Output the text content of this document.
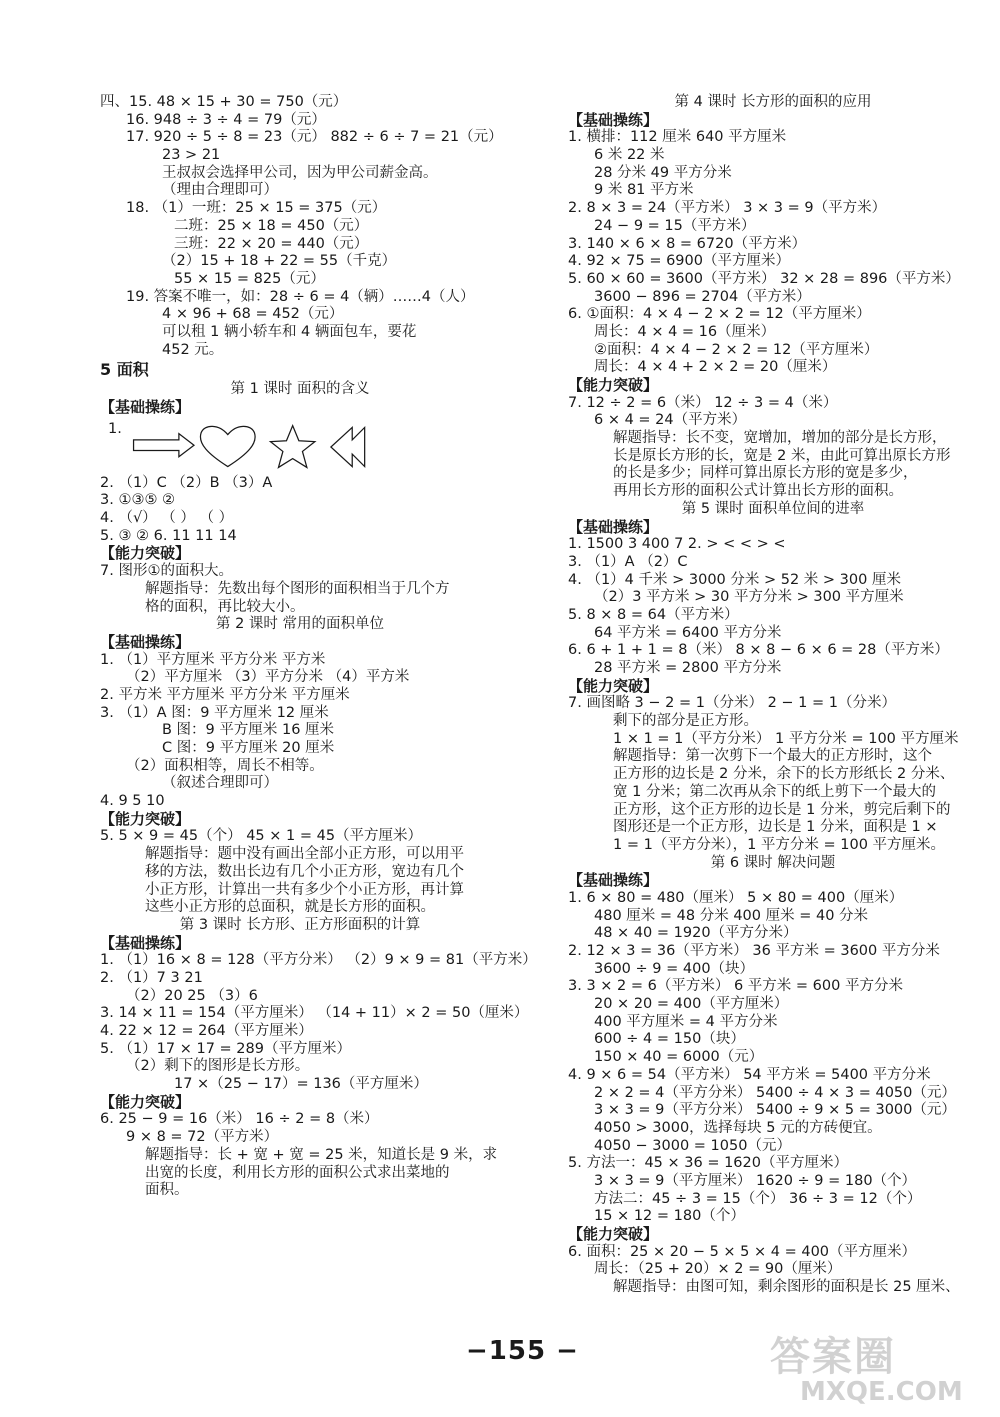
四、15. 48 × 15 + 30 = 750（元）
16. 948 ÷ 3 ÷ 4 = 79（元）
17. 920 ÷ 5 ÷ 8 = 23（元） 882 ÷ 6 ÷ 7 = 21（元）
23 > 21
王叔叔会选择甲公司，因为甲公司薪金高。
（理由合理即可）
18. （1）一班：25 × 15 = 375（元）
二班：25 × 18 = 450（元）
三班：22 × 20 = 440（元）
（2）15 + 18 + 22 = 55（千克）
55 × 15 = 825（元）
19. 答案不唯一，如：28 ÷ 6 = 4（辆）……4（人）
4 × 96 + 68 = 452（元）
可以租 1 辆小轿车和 4 辆面包车，要花
452 元。
5 面积
第 1 课时 面积的含义
【基础操练】
1.
2. （1）C （2）B （3）A
3. ①③⑤ ②
4. （√） （ ） （ ）
5. ③ ② 6. 11 11 14
【能力突破】
7. 图形①的面积大。
解题指导：先数出每个图形的面积相当于几个方
格的面积，再比较大小。
第 2 课时 常用的面积单位
【基础操练】
1. （1）平方厘米 平方分米 平方米
（2）平方厘米 （3）平方分米 （4）平方米
2. 平方米 平方厘米 平方分米 平方厘米
3. （1）A 图：9 平方厘米 12 厘米
B 图：9 平方厘米 16 厘米
C 图：9 平方厘米 20 厘米
（2）面积相等，周长不相等。
（叙述合理即可）
4. 9 5 10
【能力突破】
5. 5 × 9 = 45（个） 45 × 1 = 45（平方厘米）
解题指导：题中没有画出全部小正方形，可以用平
移的方法，数出长边有几个小正方形，宽边有几个
小正方形，计算出一共有多少个小正方形，再计算
这些小正方形的总面积，就是长方形的面积。
第 3 课时 长方形、正方形面积的计算
【基础操练】
1. （1）16 × 8 = 128（平方分米） （2）9 × 9 = 81（平方米）
2. （1）7 3 21
（2）20 25 （3）6
3. 14 × 11 = 154（平方厘米） （14 + 11）× 2 = 50（厘米）
4. 22 × 12 = 264（平方厘米）
5. （1）17 × 17 = 289（平方厘米）
（2）剩下的图形是长方形。
17 ×（25 − 17）= 136（平方厘米）
【能力突破】
6. 25 − 9 = 16（米） 16 ÷ 2 = 8（米）
9 × 8 = 72（平方米）
解题指导：长 + 宽 + 宽 = 25 米，知道长是 9 米，求
出宽的长度，利用长方形的面积公式求出菜地的
面积。
第 4 课时 长方形的面积的应用
【基础操练】
1. 横排：112 厘米 640 平方厘米
6 米 22 米
28 分米 49 平方分米
9 米 81 平方米
2. 8 × 3 = 24（平方米） 3 × 3 = 9（平方米）
24 − 9 = 15（平方米）
3. 140 × 6 × 8 = 6720（平方米）
4. 92 × 75 = 6900（平方厘米）
5. 60 × 60 = 3600（平方米） 32 × 28 = 896（平方米）
3600 − 896 = 2704（平方米）
6. ①面积：4 × 4 − 2 × 2 = 12（平方厘米）
周长：4 × 4 = 16（厘米）
②面积：4 × 4 − 2 × 2 = 12（平方厘米）
周长：4 × 4 + 2 × 2 = 20（厘米）
【能力突破】
7. 12 ÷ 2 = 6（米） 12 ÷ 3 = 4（米）
6 × 4 = 24（平方米）
解题指导：长不变，宽增加，增加的部分是长方形，
长是原长方形的长，宽是 2 米，由此可算出原长方形
的长是多少；同样可算出原长方形的宽是多少，
再用长方形的面积公式计算出长方形的面积。
第 5 课时 面积单位间的进率
【基础操练】
1. 1500 3 400 7 2. > < < > <
3. （1）A （2）C
4. （1）4 千米 > 3000 分米 > 52 米 > 300 厘米
（2）3 平方米 > 30 平方分米 > 300 平方厘米
5. 8 × 8 = 64（平方米）
64 平方米 = 6400 平方分米
6. 6 + 1 + 1 = 8（米） 8 × 8 − 6 × 6 = 28（平方米）
28 平方米 = 2800 平方分米
【能力突破】
7. 画图略 3 − 2 = 1（分米） 2 − 1 = 1（分米）
剩下的部分是正方形。
1 × 1 = 1（平方分米） 1 平方分米 = 100 平方厘米
解题指导：第一次剪下一个最大的正方形时，这个
正方形的边长是 2 分米，余下的长方形纸长 2 分米、
宽 1 分米；第二次再从余下的纸上剪下一个最大的
正方形，这个正方形的边长是 1 分米，剪完后剩下的
图形还是一个正方形，边长是 1 分米，面积是 1 ×
1 = 1（平方分米），1 平方分米 = 100 平方厘米。
第 6 课时 解决问题
【基础操练】
1. 6 × 80 = 480（厘米） 5 × 80 = 400（厘米）
480 厘米 = 48 分米 400 厘米 = 40 分米
48 × 40 = 1920（平方分米）
2. 12 × 3 = 36（平方米） 36 平方米 = 3600 平方分米
3600 ÷ 9 = 400（块）
3. 3 × 2 = 6（平方米） 6 平方米 = 600 平方分米
20 × 20 = 400（平方厘米）
400 平方厘米 = 4 平方分米
600 ÷ 4 = 150（块）
150 × 40 = 6000（元）
4. 9 × 6 = 54（平方米） 54 平方米 = 5400 平方分米
2 × 2 = 4（平方分米） 5400 ÷ 4 × 3 = 4050（元）
3 × 3 = 9（平方分米） 5400 ÷ 9 × 5 = 3000（元）
4050 > 3000，选择每块 5 元的方砖便宜。
4050 − 3000 = 1050（元）
5. 方法一：45 × 36 = 1620（平方厘米）
3 × 3 = 9（平方厘米） 1620 ÷ 9 = 180（个）
方法二：45 ÷ 3 = 15（个） 36 ÷ 3 = 12（个）
15 × 12 = 180（个）
【能力突破】
6. 面积：25 × 20 − 5 × 5 × 4 = 400（平方厘米）
周长：（25 + 20）× 2 = 90（厘米）
解题指导：由图可知，剩余图形的面积是长 25 厘米、
−155 −	答案圈
MXQE.COM
